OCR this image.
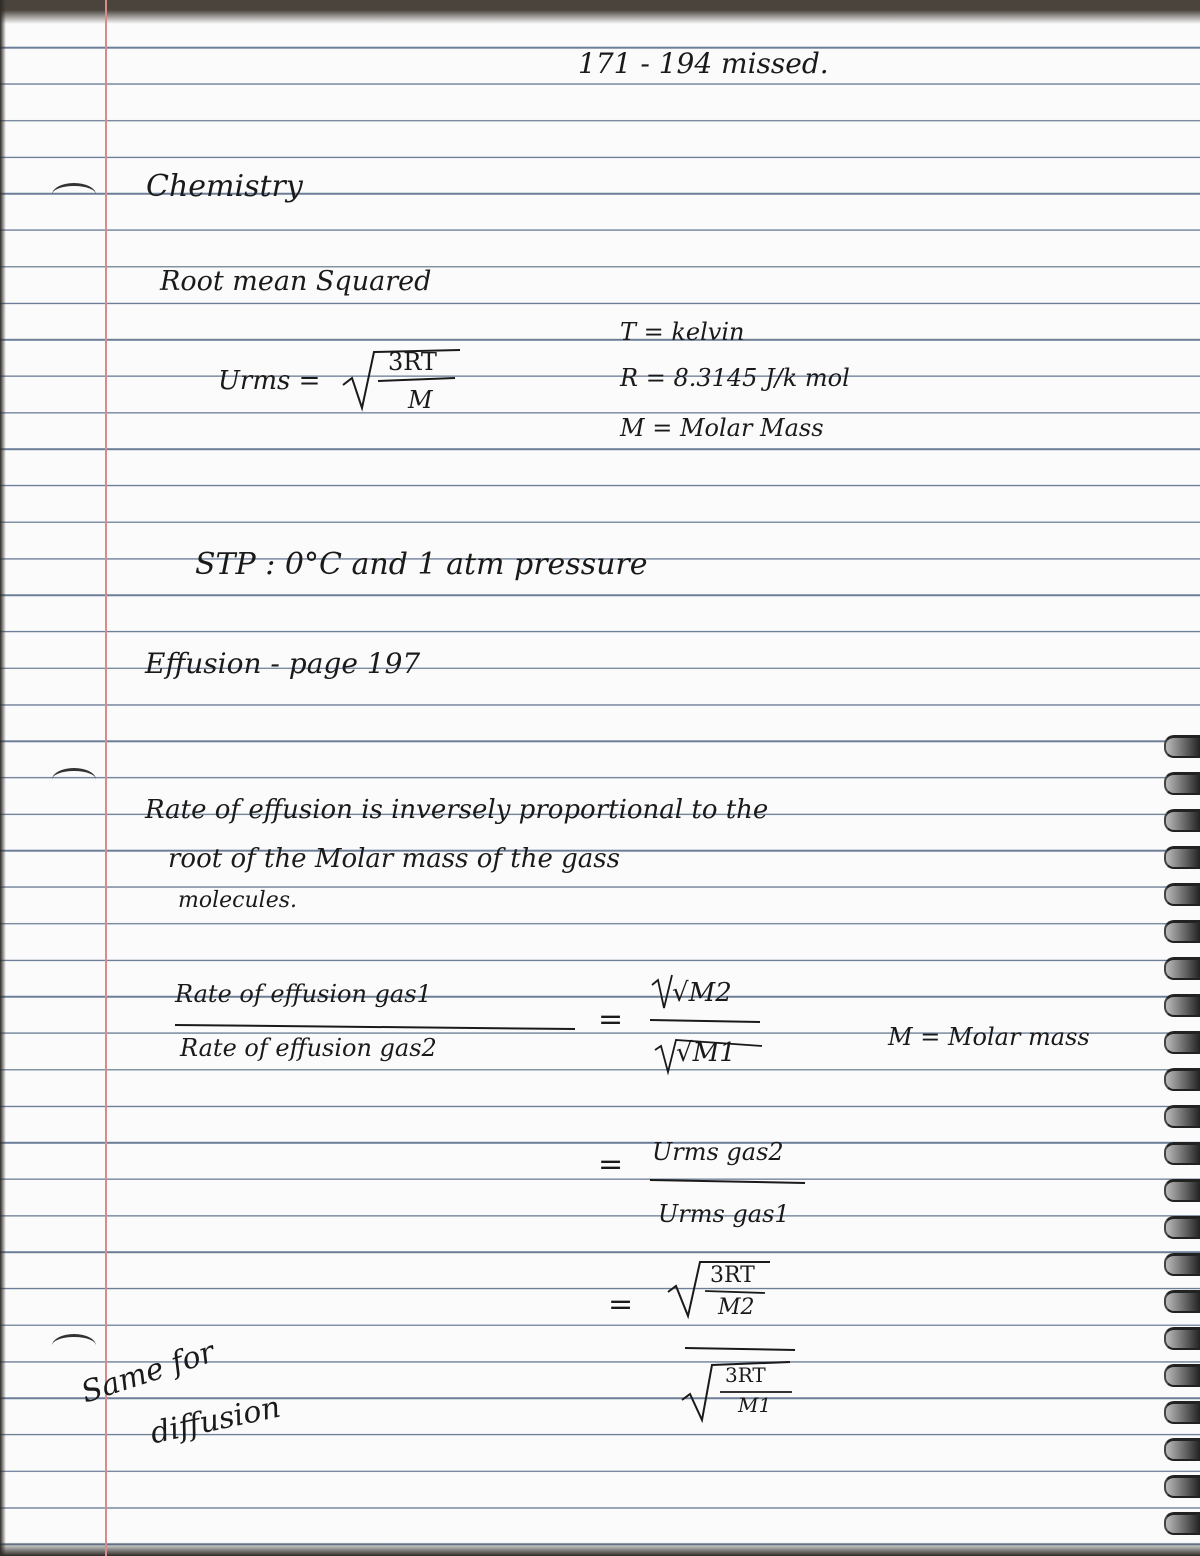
171 - 194 missed.

Chemistry

Root mean Squared

Urms =

3RT

M

T = kelvin

R = 8.3145 J/k mol

M = Molar Mass

STP : 0°C and 1 atm pressure

Effusion - page 197

Rate of effusion is inversely proportional to the

root of the Molar mass of the gass

molecules.

Rate of effusion gas1

Rate of effusion gas2

=

√M2

√M1

M = Molar mass

= Urms gas2

Urms gas1

=

3RT

M2

3RT

M1

Same for

diffusion
